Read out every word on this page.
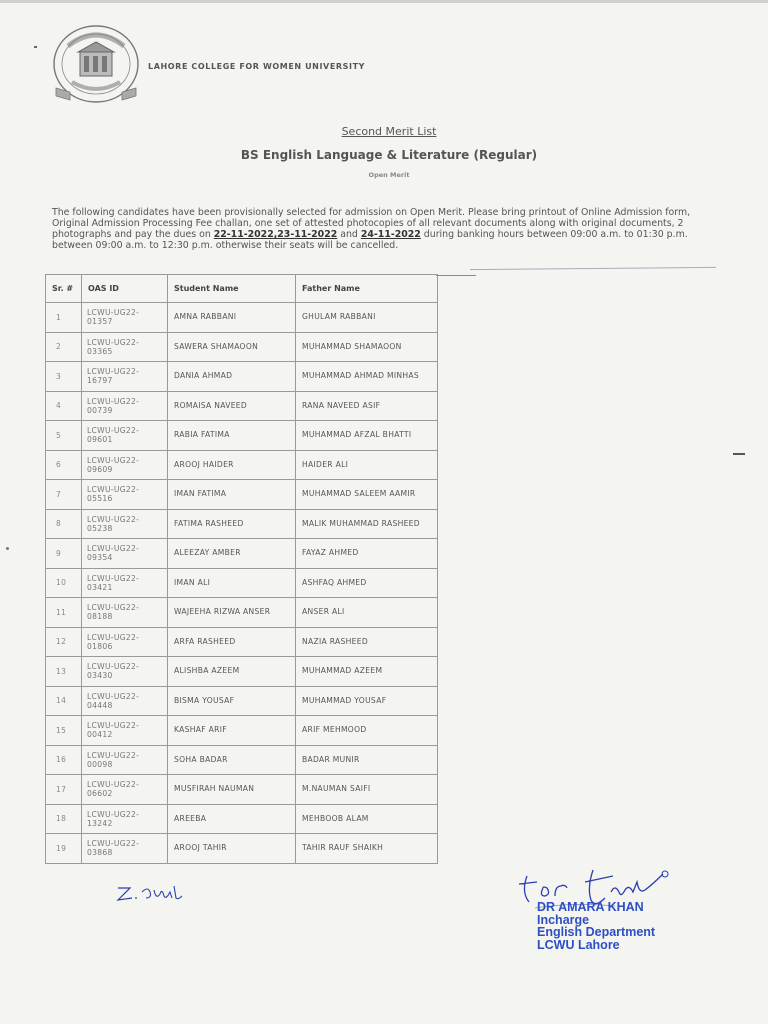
LAHORE COLLEGE FOR WOMEN UNIVERSITY
Second Merit List
BS English Language & Literature (Regular)
Open Merit
The following candidates have been provisionally selected for admission on Open Merit. Please bring printout of Online Admission form, Original Admission Processing Fee challan, one set of attested photocopies of all relevant documents along with original documents, 2 photographs and pay the dues on 22-11-2022,23-11-2022 and 24-11-2022 during banking hours between 09:00 a.m. to 01:30 p.m. between 09:00 a.m. to 12:30 p.m. otherwise their seats will be cancelled.
Sr. #	OAS ID	Student Name	Father Name
1	LCWU-UG22-01357	AMNA RABBANI	GHULAM RABBANI
2	LCWU-UG22-03365	SAWERA SHAMAOON	MUHAMMAD SHAMAOON
3	LCWU-UG22-16797	DANIA AHMAD	MUHAMMAD AHMAD MINHAS
4	LCWU-UG22-00739	ROMAISA NAVEED	RANA NAVEED ASIF
5	LCWU-UG22-09601	RABIA FATIMA	MUHAMMAD AFZAL BHATTI
6	LCWU-UG22-09609	AROOJ HAIDER	HAIDER ALI
7	LCWU-UG22-05516	IMAN FATIMA	MUHAMMAD SALEEM AAMIR
8	LCWU-UG22-05238	FATIMA RASHEED	MALIK MUHAMMAD RASHEED
9	LCWU-UG22-09354	ALEEZAY AMBER	FAYAZ AHMED
10	LCWU-UG22-03421	IMAN ALI	ASHFAQ AHMED
11	LCWU-UG22-08188	WAJEEHA RIZWA ANSER	ANSER ALI
12	LCWU-UG22-01806	ARFA RASHEED	NAZIA RASHEED
13	LCWU-UG22-03430	ALISHBA AZEEM	MUHAMMAD AZEEM
14	LCWU-UG22-04448	BISMA YOUSAF	MUHAMMAD YOUSAF
15	LCWU-UG22-00412	KASHAF ARIF	ARIF MEHMOOD
16	LCWU-UG22-00098	SOHA BADAR	BADAR MUNIR
17	LCWU-UG22-06602	MUSFIRAH NAUMAN	M.NAUMAN SAIFI
18	LCWU-UG22-13242	AREEBA	MEHBOOB ALAM
19	LCWU-UG22-03868	AROOJ TAHIR	TAHIR RAUF SHAIKH
DR AMARA KHAN
Incharge
English Department
LCWU Lahore
